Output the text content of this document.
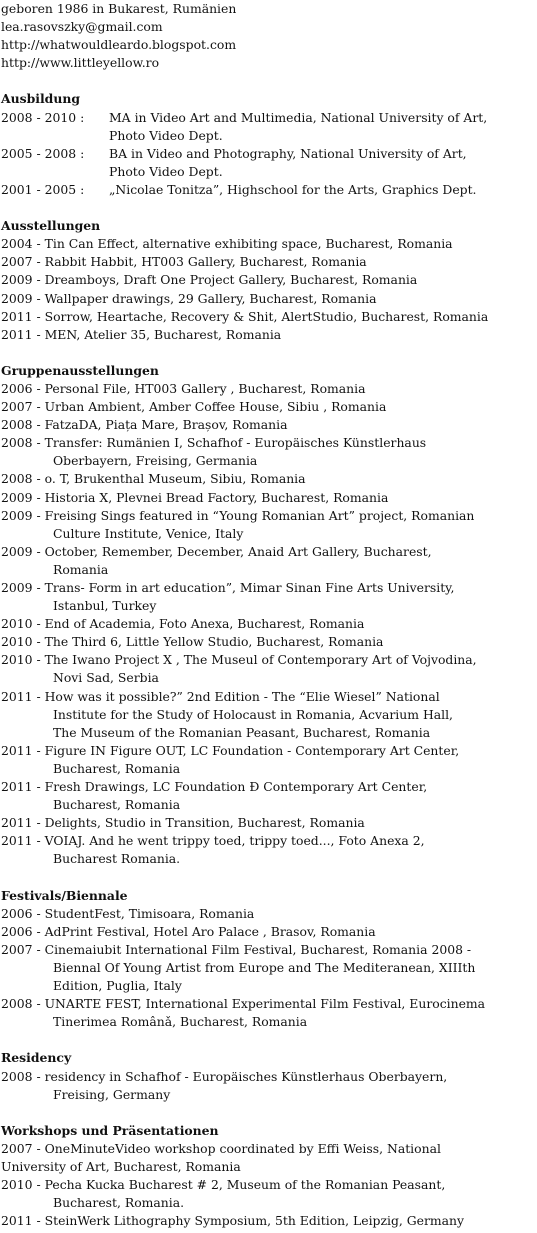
geboren 1986 in Bukarest, Rumänien
lea.rasovszky@gmail.com
http://whatwouldleardo.blogspot.com
http://www.littleyellow.ro
Ausbildung
2008 - 2010 :	MA in Video Art and Multimedia, National University of Art,
Photo Video Dept.
2005 - 2008 :	BA in Video and Photography, National University of Art,
Photo Video Dept.
2001 - 2005 :	„Nicolae Tonitza”, Highschool for the Arts, Graphics Dept.
Ausstellungen
2004 - Tin Can Effect, alternative exhibiting space, Bucharest, Romania
2007 - Rabbit Habbit, HT003 Gallery, Bucharest, Romania
2009 - Dreamboys, Draft One Project Gallery, Bucharest, Romania
2009 - Wallpaper drawings, 29 Gallery, Bucharest, Romania
2011 - Sorrow, Heartache, Recovery & Shit, AlertStudio, Bucharest, Romania
2011 - MEN, Atelier 35, Bucharest, Romania
Gruppenausstellungen
2006 - Personal File, HT003 Gallery , Bucharest, Romania
2007 - Urban Ambient, Amber Coffee House, Sibiu , Romania
2008 - FatzaDA, Piața Mare, Brașov, Romania
2008 - Transfer: Rumänien I, Schafhof - Europäisches Künstlerhaus
Oberbayern, Freising, Germania
2008 - o. T, Brukenthal Museum, Sibiu, Romania
2009 - Historia X, Plevnei Bread Factory, Bucharest, Romania
2009 - Freising Sings featured in “Young Romanian Art” project, Romanian
Culture Institute, Venice, Italy
2009 - October, Remember, December, Anaid Art Gallery, Bucharest,
Romania
2009 - Trans- Form in art education”, Mimar Sinan Fine Arts University,
Istanbul, Turkey
2010 - End of Academia, Foto Anexa, Bucharest, Romania
2010 - The Third 6, Little Yellow Studio, Bucharest, Romania
2010 - The Iwano Project X , The Museul of Contemporary Art of Vojvodina,
Novi Sad, Serbia
2011 - How was it possible?” 2nd Edition - The “Elie Wiesel” National
Institute for the Study of Holocaust in Romania, Acvarium Hall,
The Museum of the Romanian Peasant, Bucharest, Romania
2011 - Figure IN Figure OUT, LC Foundation - Contemporary Art Center,
Bucharest, Romania
2011 - Fresh Drawings, LC Foundation Ð Contemporary Art Center,
Bucharest, Romania
2011 - Delights, Studio in Transition, Bucharest, Romania
2011 - VOIAJ. And he went trippy toed, trippy toed..., Foto Anexa 2,
Bucharest Romania.
Festivals/Biennale
2006 - StudentFest, Timisoara, Romania
2006 - AdPrint Festival, Hotel Aro Palace , Brasov, Romania
2007 - Cinemaiubit International Film Festival, Bucharest, Romania 2008 -
Biennal Of Young Artist from Europe and The Mediteranean, XIIIth
Edition, Puglia, Italy
2008 - UNARTE FEST, International Experimental Film Festival, Eurocinema
Tinerimea Românǎ, Bucharest, Romania
Residency
2008 - residency in Schafhof - Europäisches Künstlerhaus Oberbayern,
Freising, Germany
Workshops und Präsentationen
2007 - OneMinuteVideo workshop coordinated by Effi Weiss, National
University of Art, Bucharest, Romania
2010 - Pecha Kucka Bucharest # 2, Museum of the Romanian Peasant,
Bucharest, Romania.
2011 - SteinWerk Lithography Symposium, 5th Edition, Leipzig, Germany
